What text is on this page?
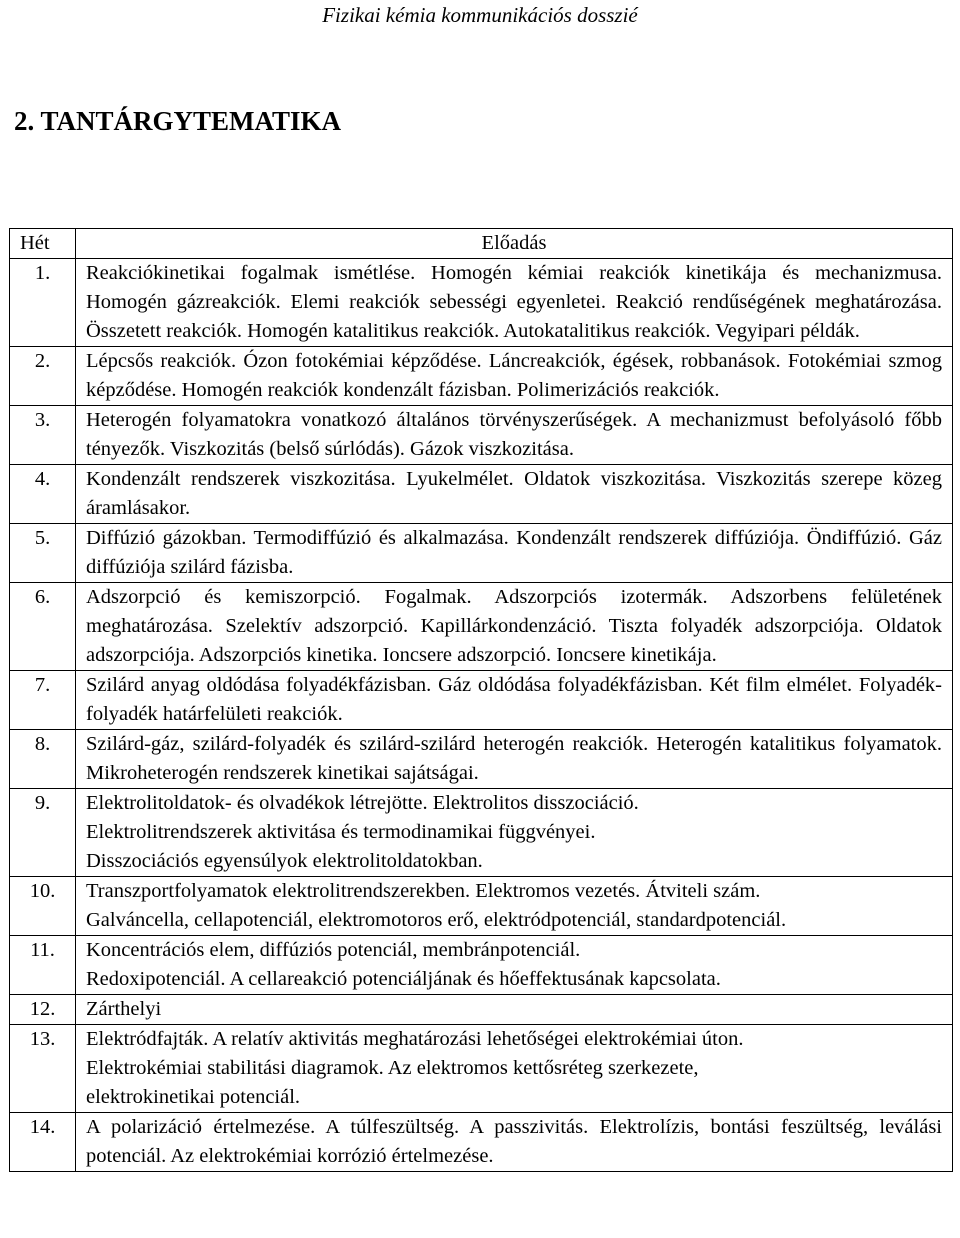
Fizikai kémia kommunikációs dosszié
2. TANTÁRGYTEMATIKA
Hét	Előadás
1.	Reakciókinetikai fogalmak ismétlése. Homogén kémiai reakciók kinetikája és mechanizmusa. Homogén gázreakciók. Elemi reakciók sebességi egyenletei. Reakció rendűségének meghatározása. Összetett reakciók. Homogén katalitikus reakciók. Autokatalitikus reakciók. Vegyipari példák.

2.	Lépcsős reakciók. Ózon fotokémiai képződése. Láncreakciók, égések, robbanások. Fotokémiai szmog képződése. Homogén reakciók kondenzált fázisban. Polimerizációs reakciók.

3.	Heterogén folyamatokra vonatkozó általános törvényszerűségek. A mechanizmust befolyásoló főbb tényezők. Viszkozitás (belső súrlódás). Gázok viszkozitása.

4.	Kondenzált rendszerek viszkozitása. Lyukelmélet. Oldatok viszkozitása. Viszkozitás szerepe közeg áramlásakor.

5.	Diffúzió gázokban. Termodiffúzió és alkalmazása. Kondenzált rendszerek diffúziója. Öndiffúzió. Gáz diffúziója szilárd fázisba.

6.	Adszorpció és kemiszorpció. Fogalmak. Adszorpciós izotermák. Adszorbens felületének meghatározása. Szelektív adszorpció. Kapillárkondenzáció. Tiszta folyadék adszorpciója. Oldatok adszorpciója. Adszorpciós kinetika. Ioncsere adszorpció. Ioncsere kinetikája.

7.	Szilárd anyag oldódása folyadékfázisban. Gáz oldódása folyadékfázisban. Két film elmélet. Folyadék-folyadék határfelületi reakciók.

8.	Szilárd-gáz, szilárd-folyadék és szilárd-szilárd heterogén reakciók. Heterogén katalitikus folyamatok. Mikroheterogén rendszerek kinetikai sajátságai.

9.	Elektrolitoldatok- és olvadékok létrejötte. Elektrolitos disszociáció.
Elektrolitrendszerek aktivitása és termodinamikai függvényei.
Disszociációs egyensúlyok elektrolitoldatokban.

10.	Transzportfolyamatok elektrolitrendszerekben. Elektromos vezetés. Átviteli szám.
Galváncella, cellapotenciál, elektromotoros erő, elektródpotenciál, standardpotenciál.

11.	Koncentrációs elem, diffúziós potenciál, membránpotenciál.
Redoxipotenciál. A cellareakció potenciáljának és hőeffektusának kapcsolata.

12.	Zárthelyi

13.	Elektródfajták. A relatív aktivitás meghatározási lehetőségei elektrokémiai úton.
Elektrokémiai stabilitási diagramok. Az elektromos kettősréteg szerkezete,
elektrokinetikai potenciál.

14.	A polarizáció értelmezése. A túlfeszültség. A passzivitás. Elektrolízis, bontási feszültség, leválási potenciál. Az elektrokémiai korrózió értelmezése.
